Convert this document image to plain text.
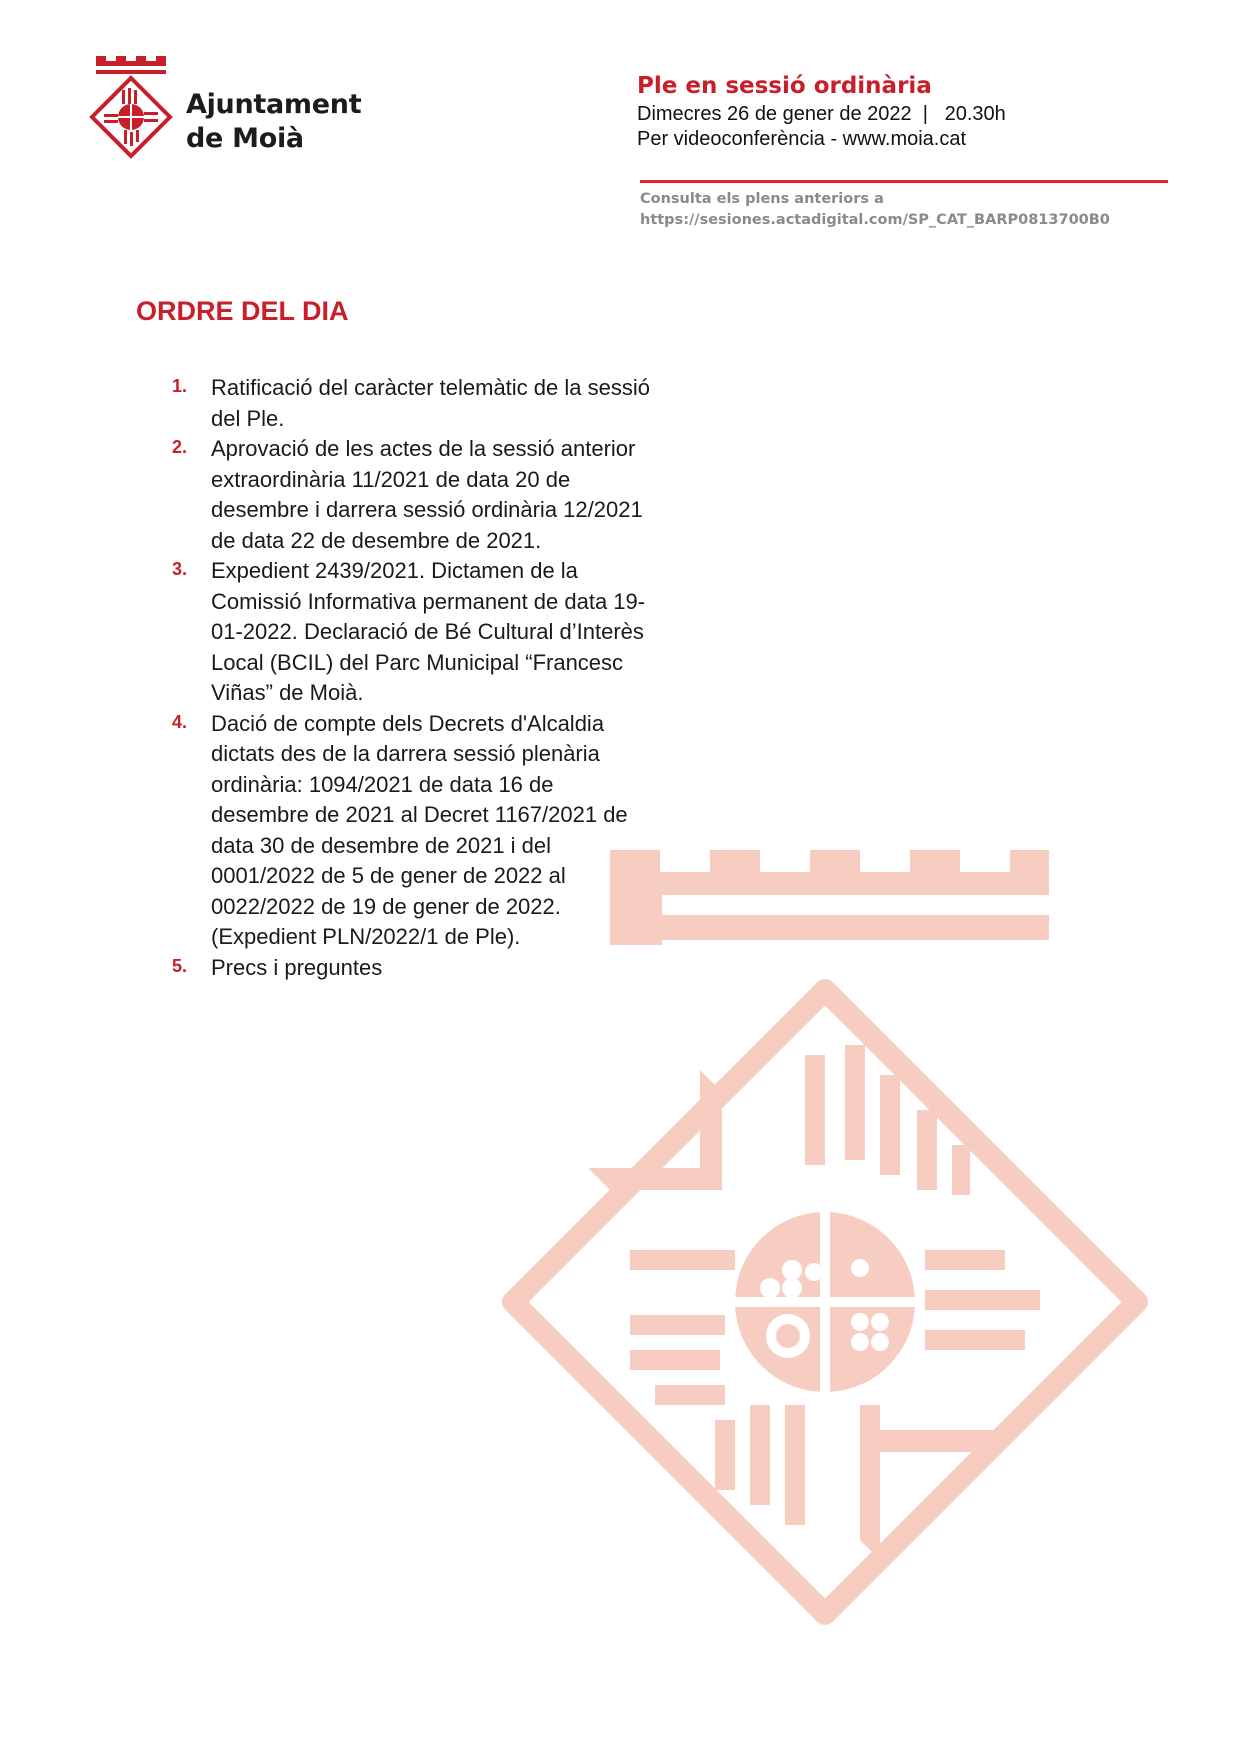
Ajuntament
de Moià
Ple en sessió ordinària
Dimecres 26 de gener de 2022  |   20.30h
Per videoconferència - www.moia.cat
Consulta els plens anteriors a
https://sesiones.actadigital.com/SP_CAT_BARP0813700B0
ORDRE DEL DIA
1. Ratificació del caràcter telemàtic de la sessió del Ple.
2. Aprovació de les actes de la sessió anterior extraordinària 11/2021 de data 20 de desembre i darrera sessió ordinària 12/2021 de data 22 de desembre de 2021.
3. Expedient 2439/2021. Dictamen de la Comissió Informativa permanent de data 19-01-2022. Declaració de Bé Cultural d’Interès Local (BCIL) del Parc Municipal “Francesc Viñas” de Moià.
4. Dació de compte dels Decrets d'Alcaldia dictats des de la darrera sessió plenària ordinària: 1094/2021 de data 16 de desembre de 2021 al Decret 1167/2021 de data 30 de desembre de 2021 i del 0001/2022 de 5 de gener de 2022 al 0022/2022 de 19 de gener de 2022. (Expedient PLN/2022/1 de Ple).
5. Precs i preguntes
